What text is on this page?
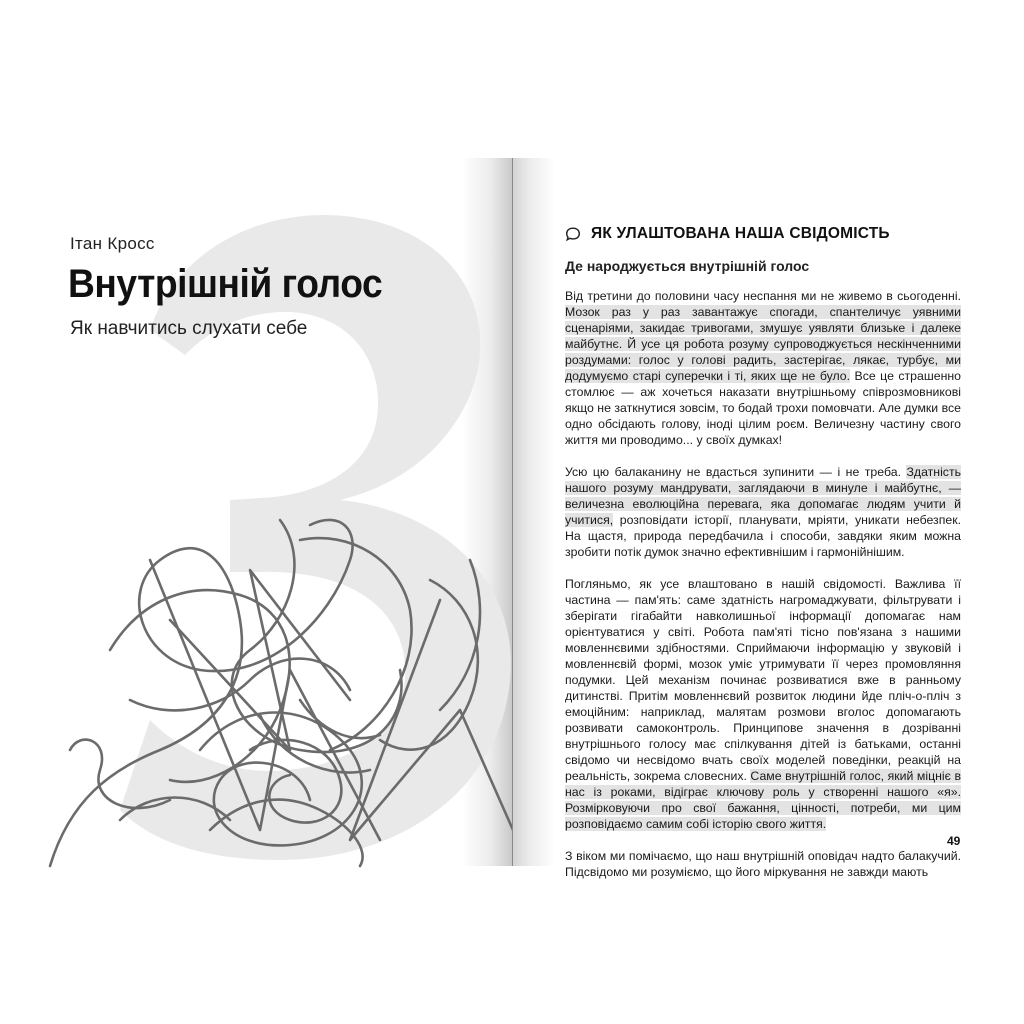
Ітан Кросс
Внутрішній голос
Як навчитись слухати себе
ЯК УЛАШТОВАНА НАША СВІДОМІСТЬ
Де народжується внутрішній голос

Від третини до половини часу неспання ми не живемо в сьогоденні. Мозок раз у раз завантажує спогади, спантеличує уявними сценаріями, закидає тривогами, змушує уявляти близьке і далеке майбутнє. Й усе ця робота розуму супроводжується нескінченними роздумами: голос у голові радить, застерігає, лякає, турбує, ми додумуємо старі суперечки і ті, яких ще не було. Все це страшенно стомлює — аж хочеться наказати внутрішньому співрозмовникові якщо не заткнутися зовсім, то бодай трохи помовчати. Але думки все одно обсідають голову, іноді цілим роєм. Величезну частину свого життя ми проводимо... у своїх думках!

Усю цю балаканину не вдасться зупинити — і не треба. Здатність нашого розуму мандрувати, заглядаючи в минуле і майбутнє, — величезна еволюційна перевага, яка допомагає людям учити й учитися, розповідати історії, планувати, мріяти, уникати небезпек. На щастя, природа передбачила і способи, завдяки яким можна зробити потік думок значно ефективнішим і гармонійнішим.

Погляньмо, як усе влаштовано в нашій свідомості. Важлива її частина — пам'ять: саме здатність нагромаджувати, фільтрувати і зберігати гігабайти навколишньої інформації допомагає нам орієнтуватися у світі. Робота пам'яті тісно пов'язана з нашими мовленнєвими здібностями. Сприймаючи інформацію у звуковій і мовленнєвій формі, мозок уміє утримувати її через промовляння подумки. Цей механізм починає розвиватися вже в ранньому дитинстві. Притім мовленнєвий розвиток людини йде пліч-о-пліч з емоційним: наприклад, малятам розмови вголос допомагають розвивати самоконтроль. Принципове значення в дозріванні внутрішнього голосу має спілкування дітей із батьками, останні свідомо чи несвідомо вчать своїх моделей поведінки, реакцій на реальність, зокрема словесних. Саме внутрішній голос, який міцніє в нас із роками, відіграє ключову роль у створенні нашого «я». Розмірковуючи про свої бажання, цінності, потреби, ми цим розповідаємо самим собі історію свого життя.

З віком ми помічаємо, що наш внутрішній оповідач надто балакучий. Підсвідомо ми розуміємо, що його міркування не завжди мають

49
